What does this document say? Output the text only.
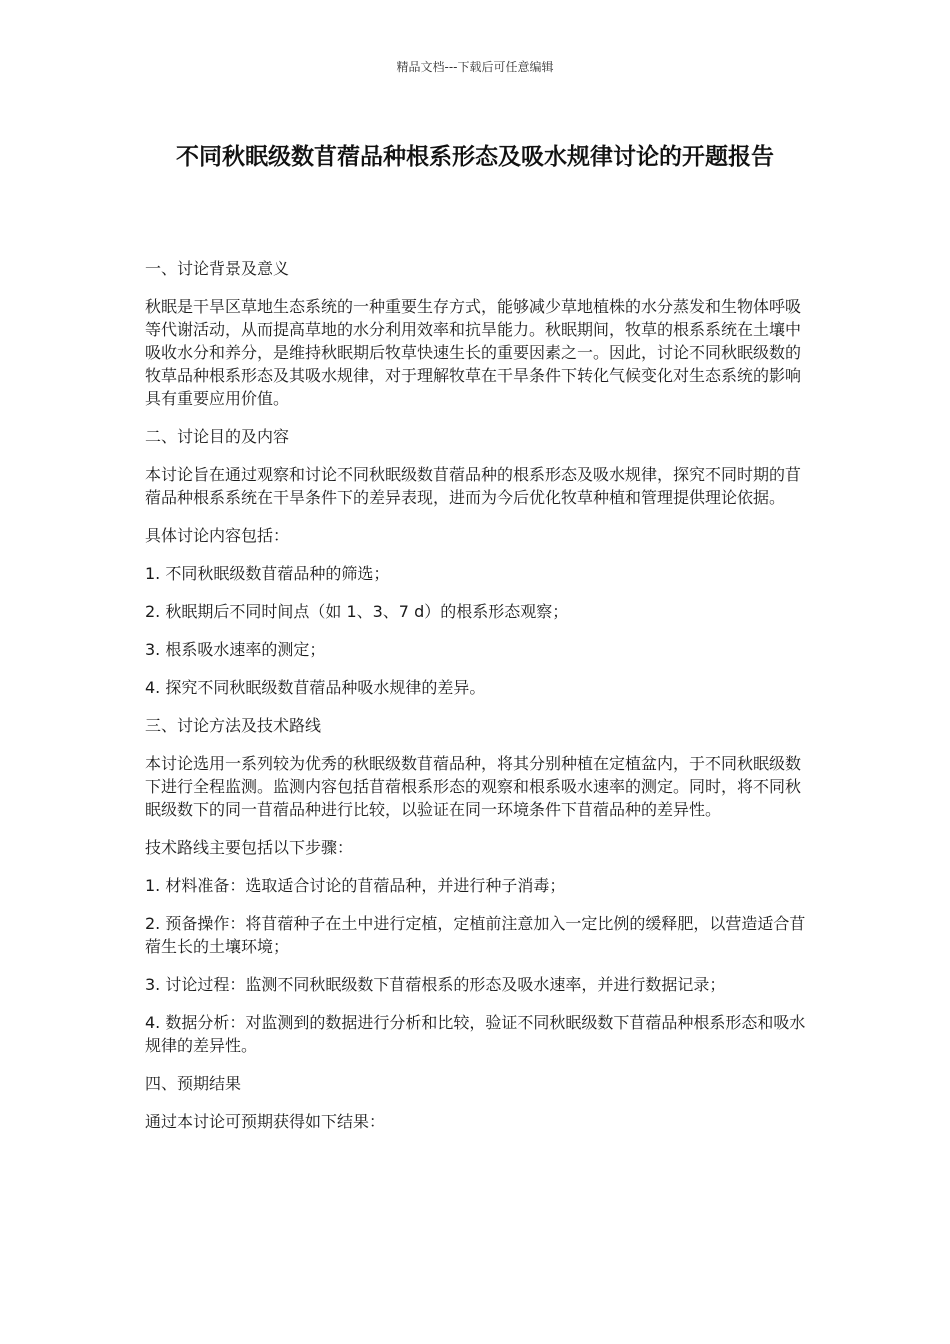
精品文档---下载后可任意编辑
不同秋眠级数苜蓿品种根系形态及吸水规律讨论的开题报告
一、讨论背景及意义

秋眠是干旱区草地生态系统的一种重要生存方式，能够减少草地植株的水分蒸发和生物体呼吸等代谢活动，从而提高草地的水分利用效率和抗旱能力。秋眠期间，牧草的根系系统在土壤中吸收水分和养分，是维持秋眠期后牧草快速生长的重要因素之一。因此，讨论不同秋眠级数的牧草品种根系形态及其吸水规律，对于理解牧草在干旱条件下转化气候变化对生态系统的影响具有重要应用价值。

二、讨论目的及内容

本讨论旨在通过观察和讨论不同秋眠级数苜蓿品种的根系形态及吸水规律，探究不同时期的苜蓿品种根系系统在干旱条件下的差异表现，进而为今后优化牧草种植和管理提供理论依据。

具体讨论内容包括：

1. 不同秋眠级数苜蓿品种的筛选；

2. 秋眠期后不同时间点（如 1、3、7 d）的根系形态观察；

3. 根系吸水速率的测定；

4. 探究不同秋眠级数苜蓿品种吸水规律的差异。

三、讨论方法及技术路线

本讨论选用一系列较为优秀的秋眠级数苜蓿品种，将其分别种植在定植盆内，于不同秋眠级数下进行全程监测。监测内容包括苜蓿根系形态的观察和根系吸水速率的测定。同时，将不同秋眠级数下的同一苜蓿品种进行比较，以验证在同一环境条件下苜蓿品种的差异性。

技术路线主要包括以下步骤：

1. 材料准备：选取适合讨论的苜蓿品种，并进行种子消毒；

2. 预备操作：将苜蓿种子在土中进行定植，定植前注意加入一定比例的缓释肥，以营造适合苜蓿生长的土壤环境；

3. 讨论过程：监测不同秋眠级数下苜蓿根系的形态及吸水速率，并进行数据记录；

4. 数据分析：对监测到的数据进行分析和比较，验证不同秋眠级数下苜蓿品种根系形态和吸水规律的差异性。

四、预期结果

通过本讨论可预期获得如下结果：
